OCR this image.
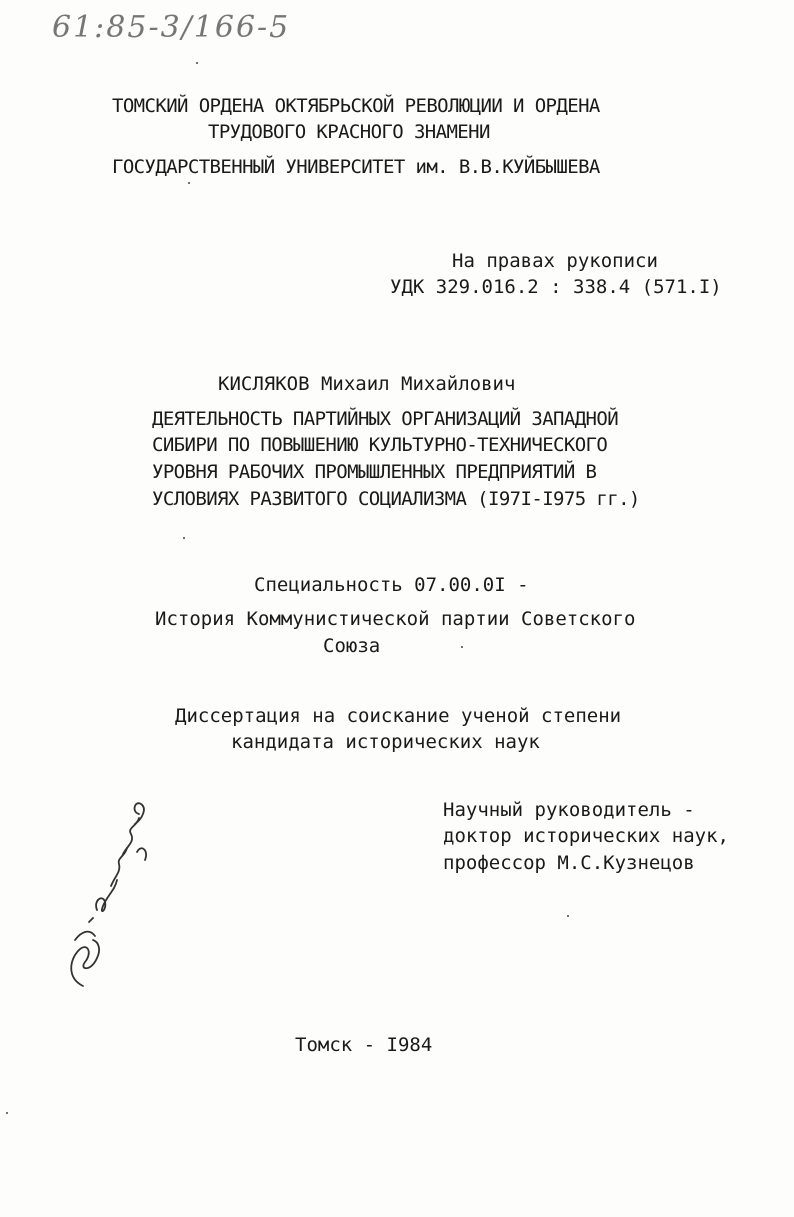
61:85-3/166-5
ТОМСКИЙ ОРДЕНА ОКТЯБРЬСКОЙ РЕВОЛЮЦИИ И ОРДЕНА
ТРУДОВОГО КРАСНОГО ЗНАМЕНИ
ГОСУДАРСТВЕННЫЙ УНИВЕРСИТЕТ им. В.В.КУЙБЫШЕВА
На правах рукописи
УДК 329.016.2 : 338.4 (571.I)
КИСЛЯКОВ Михаил Михайлович
ДЕЯТЕЛЬНОСТЬ ПАРТИЙНЫХ ОРГАНИЗАЦИЙ ЗАПАДНОЙ
СИБИРИ ПО ПОВЫШЕНИЮ КУЛЬТУРНО-ТЕХНИЧЕСКОГО
УРОВНЯ РАБОЧИХ ПРОМЫШЛЕННЫХ ПРЕДПРИЯТИЙ В
УСЛОВИЯХ РАЗВИТОГО СОЦИАЛИЗМА (I97I-I975 гг.)
Специальность 07.00.0I -
История Коммунистической партии Советского
Союза
Диссертация на соискание ученой степени
кандидата исторических наук
Научный руководитель -
доктор исторических наук,
профессор М.С.Кузнецов
Томск - I984
